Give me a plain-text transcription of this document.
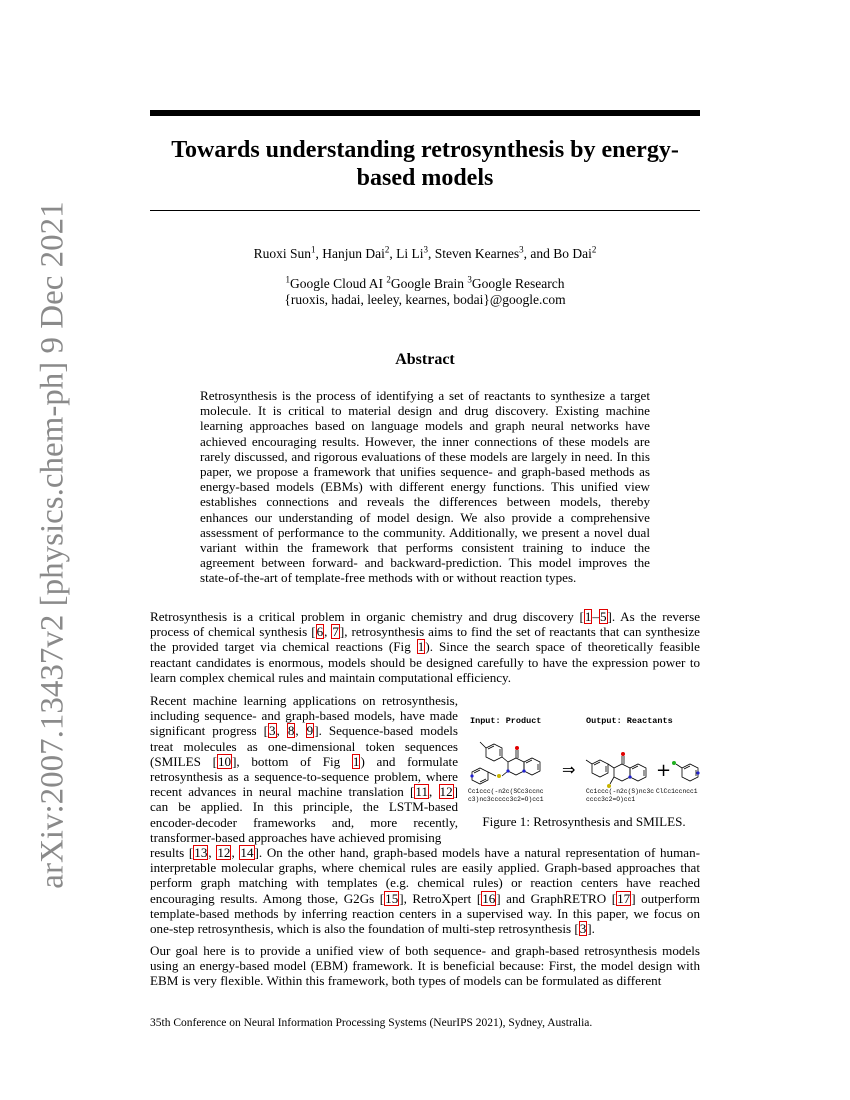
arXiv:2007.13437v2 [physics.chem-ph] 9 Dec 2021
Towards understanding retrosynthesis by energy-based models
Ruoxi Sun$^1$, Hanjun Dai$^2$, Li Li$^3$, Steven Kearnes$^3$, and Bo Dai$^2$
$^1$Google Cloud AI $^2$Google Brain $^3$Google Research
{ruoxis, hadai, leeley, kearnes, bodai}@google.com
Abstract
Retrosynthesis is the process of identifying a set of reactants to synthesize a target molecule. It is critical to material design and drug discovery. Existing machine learning approaches based on language models and graph neural networks have achieved encouraging results. However, the inner connections of these models are rarely discussed, and rigorous evaluations of these models are largely in need. In this paper, we propose a framework that unifies sequence- and graph-based methods as energy-based models (EBMs) with different energy functions. This unified view establishes connections and reveals the differences between models, thereby enhances our understanding of model design. We also provide a comprehensive assessment of performance to the community. Additionally, we present a novel dual variant within the framework that performs consistent training to induce the agreement between forward- and backward-prediction. This model improves the state-of-the-art of template-free methods with or without reaction types.
Retrosynthesis is a critical problem in organic chemistry and drug discovery [1–5]. As the reverse process of chemical synthesis [6, 7], retrosynthesis aims to find the set of reactants that can synthesize the provided target via chemical reactions (Fig 1). Since the search space of theoretically feasible reactant candidates is enormous, models should be designed carefully to have the expression power to learn complex chemical rules and maintain computational efficiency.
Recent machine learning applications on retrosynthesis, including sequence- and graph-based models, have made significant progress [3, 8, 9]. Sequence-based models treat molecules as one-dimensional token sequences (SMILES [10], bottom of Fig 1) and formulate retrosynthesis as a sequence-to-sequence problem, where recent advances in neural machine translation [11, 12] can be applied. In this principle, the LSTM-based encoder-decoder frameworks and, more recently, transformer-based approaches have achieved promising
results [13, 12, 14]. On the other hand, graph-based models have a natural representation of human-interpretable molecular graphs, where chemical rules are easily applied. Graph-based approaches that perform graph matching with templates (e.g. chemical rules) or reaction centers have reached encouraging results. Among those, G2Gs [15], RetroXpert [16] and GraphRETRO [17] outperform template-based methods by inferring reaction centers in a supervised way. In this paper, we focus on one-step retrosynthesis, which is also the foundation of multi-step retrosynthesis [3].
Our goal here is to provide a unified view of both sequence- and graph-based retrosynthesis models using an energy-based model (EBM) framework. It is beneficial because: First, the model design with EBM is very flexible. Within this framework, both types of models can be formulated as different
Input: Product	Output: Reactants
⇒	+
Cc1ccc(-n2c(SCc3ccnc
c3)nc3ccccc3c2=O)cc1
Cc1ccc(-n2c(S)nc3c
cccc3c2=O)cc1
ClCc1ccncc1
Figure 1: Retrosynthesis and SMILES.
35th Conference on Neural Information Processing Systems (NeurIPS 2021), Sydney, Australia.
